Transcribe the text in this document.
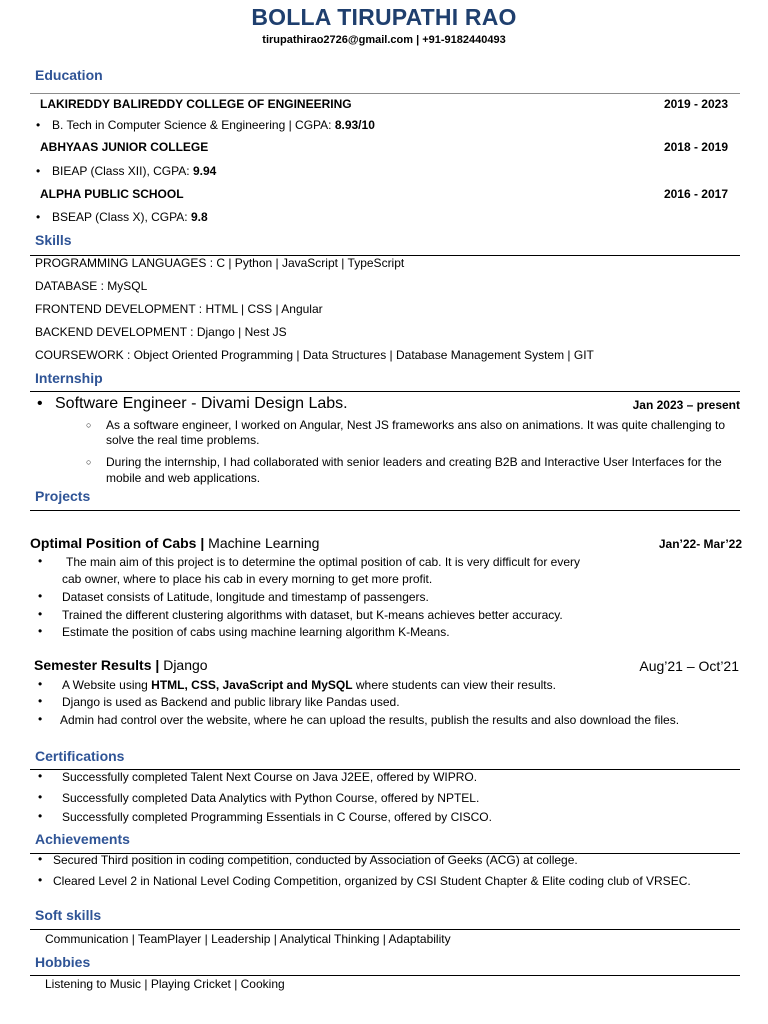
BOLLA TIRUPATHI RAO
tirupathirao2726@gmail.com | +91-9182440493
Education
LAKIREDDY BALIREDDY COLLEGE OF ENGINEERING	2019 - 2023
• B. Tech in Computer Science & Engineering | CGPA: 8.93/10
ABHYAAS JUNIOR COLLEGE	2018 - 2019
• BIEAP (Class XII), CGPA: 9.94
ALPHA PUBLIC SCHOOL	2016 - 2017
• BSEAP (Class X), CGPA: 9.8
Skills
PROGRAMMING LANGUAGES : C | Python | JavaScript | TypeScript
DATABASE : MySQL
FRONTEND DEVELOPMENT : HTML | CSS | Angular
BACKEND DEVELOPMENT : Django | Nest JS
COURSEWORK : Object Oriented Programming | Data Structures | Database Management System | GIT
Internship
• Software Engineer - Divami Design Labs.	Jan 2023 – present
○ As a software engineer, I worked on Angular, Nest JS frameworks ans also on animations. It was quite challenging to
solve the real time problems.
○ During the internship, I had collaborated with senior leaders and creating B2B and Interactive User Interfaces for the
mobile and web applications.
Projects
Optimal Position of Cabs | Machine Learning	Jan’22- Mar’22
• The main aim of this project is to determine the optimal position of cab. It is very difficult for every
cab owner, where to place his cab in every morning to get more profit.
• Dataset consists of Latitude, longitude and timestamp of passengers.
• Trained the different clustering algorithms with dataset, but K-means achieves better accuracy.
• Estimate the position of cabs using machine learning algorithm K-Means.
Semester Results | Django	Aug’21 – Oct’21
• A Website using HTML, CSS, JavaScript and MySQL where students can view their results.
• Django is used as Backend and public library like Pandas used.
• Admin had control over the website, where he can upload the results, publish the results and also download the files.
Certifications
• Successfully completed Talent Next Course on Java J2EE, offered by WIPRO.
• Successfully completed Data Analytics with Python Course, offered by NPTEL.
• Successfully completed Programming Essentials in C Course, offered by CISCO.
Achievements
• Secured Third position in coding competition, conducted by Association of Geeks (ACG) at college.
• Cleared Level 2 in National Level Coding Competition, organized by CSI Student Chapter & Elite coding club of VRSEC.
Soft skills
Communication | TeamPlayer | Leadership | Analytical Thinking | Adaptability
Hobbies
Listening to Music | Playing Cricket | Cooking
